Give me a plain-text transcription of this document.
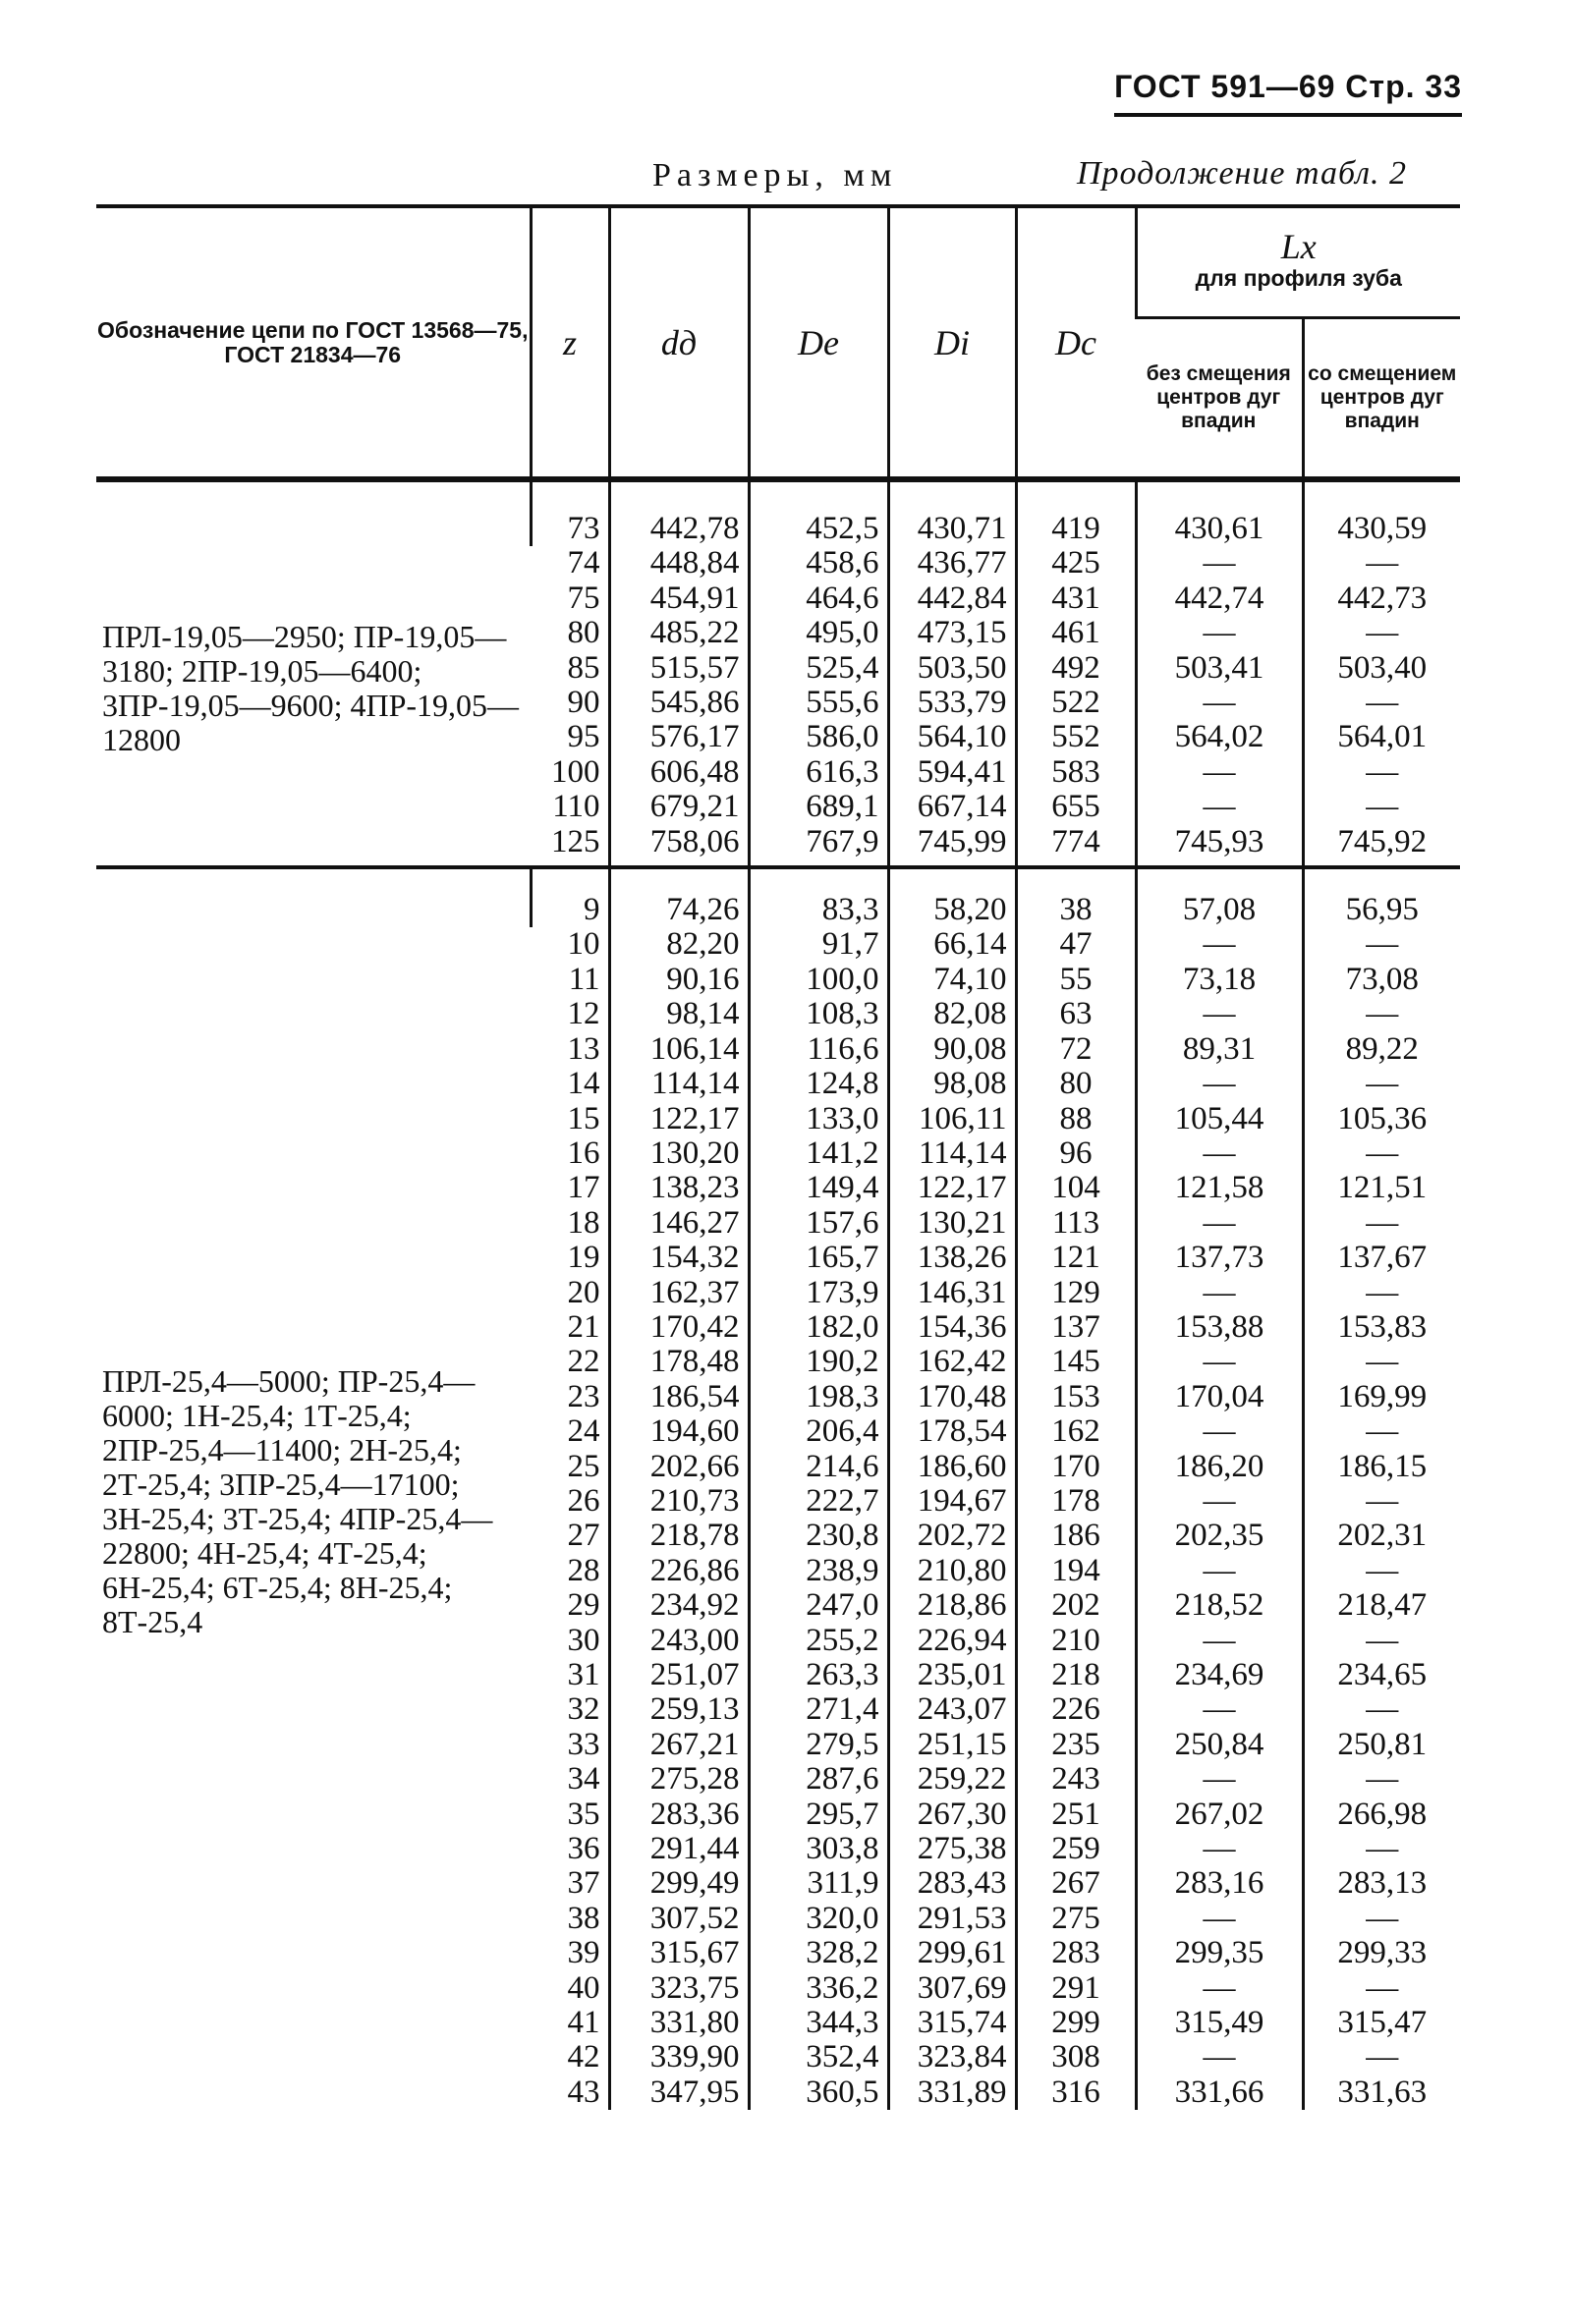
ГОСТ 591—69 Стр. 33
Размеры, мм	Продолжение табл. 2
Обозначение цепи по ГОСТ 13568—75, ГОСТ 21834—76	z	dд	De	Di	Dc	Lx
для профиля зуба	

						без смещения центров дуг впадин	со смещением центров дуг впадин
ПРЛ-19,05—2950; ПР-19,05—3180; 2ПР-19,05—6400; 3ПР-19,05—9600; 4ПР-19,05—12800	73	442,78	452,5	430,71	419	430,61	430,59
	74	448,84	458,6	436,77	425	—	—
	75	454,91	464,6	442,84	431	442,74	442,73
	80	485,22	495,0	473,15	461	—	—
	85	515,57	525,4	503,50	492	503,41	503,40
	90	545,86	555,6	533,79	522	—	—
	95	576,17	586,0	564,10	552	564,02	564,01
	100	606,48	616,3	594,41	583	—	—
	110	679,21	689,1	667,14	655	—	—
	125	758,06	767,9	745,99	774	745,93	745,92
ПРЛ-25,4—5000; ПР-25,4—6000; 1Н-25,4; 1Т-25,4; 2ПР-25,4—11400; 2Н-25,4; 2Т-25,4; 3ПР-25,4—17100; 3Н-25,4; 3Т-25,4; 4ПР-25,4—22800; 4Н-25,4; 4Т-25,4; 6Н-25,4; 6Т-25,4; 8Н-25,4; 8Т-25,4	9	74,26	83,3	58,20	38	57,08	56,95
	10	82,20	91,7	66,14	47	—	—
	11	90,16	100,0	74,10	55	73,18	73,08
	12	98,14	108,3	82,08	63	—	—
	13	106,14	116,6	90,08	72	89,31	89,22
	14	114,14	124,8	98,08	80	—	—
	15	122,17	133,0	106,11	88	105,44	105,36
	16	130,20	141,2	114,14	96	—	—
	17	138,23	149,4	122,17	104	121,58	121,51
	18	146,27	157,6	130,21	113	—	—
	19	154,32	165,7	138,26	121	137,73	137,67
	20	162,37	173,9	146,31	129	—	—
	21	170,42	182,0	154,36	137	153,88	153,83
	22	178,48	190,2	162,42	145	—	—
	23	186,54	198,3	170,48	153	170,04	169,99
	24	194,60	206,4	178,54	162	—	—
	25	202,66	214,6	186,60	170	186,20	186,15
	26	210,73	222,7	194,67	178	—	—
	27	218,78	230,8	202,72	186	202,35	202,31
	28	226,86	238,9	210,80	194	—	—
	29	234,92	247,0	218,86	202	218,52	218,47
	30	243,00	255,2	226,94	210	—	—
	31	251,07	263,3	235,01	218	234,69	234,65
	32	259,13	271,4	243,07	226	—	—
	33	267,21	279,5	251,15	235	250,84	250,81
	34	275,28	287,6	259,22	243	—	—
	35	283,36	295,7	267,30	251	267,02	266,98
	36	291,44	303,8	275,38	259	—	—
	37	299,49	311,9	283,43	267	283,16	283,13
	38	307,52	320,0	291,53	275	—	—
	39	315,67	328,2	299,61	283	299,35	299,33
	40	323,75	336,2	307,69	291	—	—
	41	331,80	344,3	315,74	299	315,49	315,47
	42	339,90	352,4	323,84	308	—	—
	43	347,95	360,5	331,89	316	331,66	331,63
